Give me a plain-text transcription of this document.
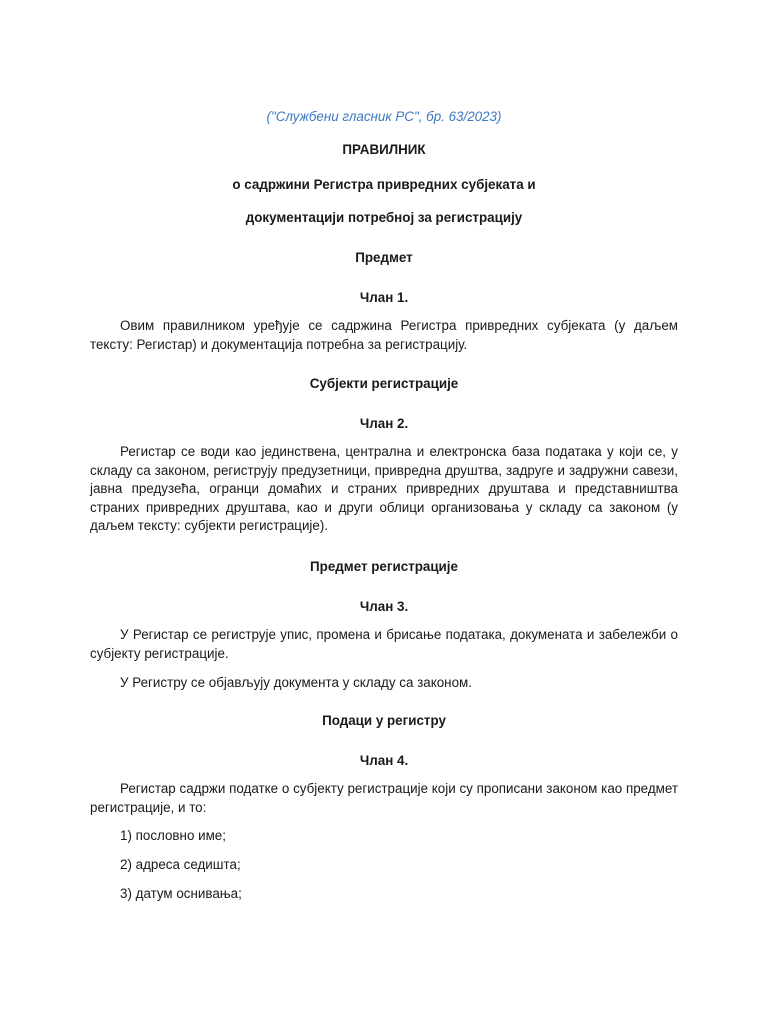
("Службени гласник РС", бр. 63/2023)
ПРАВИЛНИК
о садржини Регистра привредних субјеката и
документацији потребној за регистрацију
Предмет
Члан 1.
Овим правилником уређује се садржина Регистра привредних субјеката (у даљем тексту: Регистар) и документација потребна за регистрацију.
Субјекти регистрације
Члан 2.
Регистар се води као јединствена, централна и електронска база података у који се, у складу са законом, региструју предузетници, привредна друштва, задруге и задружни савези, јавна предузећа, огранци домаћих и страних привредних друштава и представништва страних привредних друштава, као и други облици организовања у складу са законом (у даљем тексту: субјекти регистрације).
Предмет регистрације
Члан 3.
У Регистар се региструје упис, промена и брисање података, докумената и забележби о субјекту регистрације.
У Регистру се објављују документа у складу са законом.
Подаци у регистру
Члан 4.
Регистар садржи податке о субјекту регистрације који су прописани законом као предмет регистрације, и то:
1) пословно име;
2) адреса седишта;
3) датум оснивања;
